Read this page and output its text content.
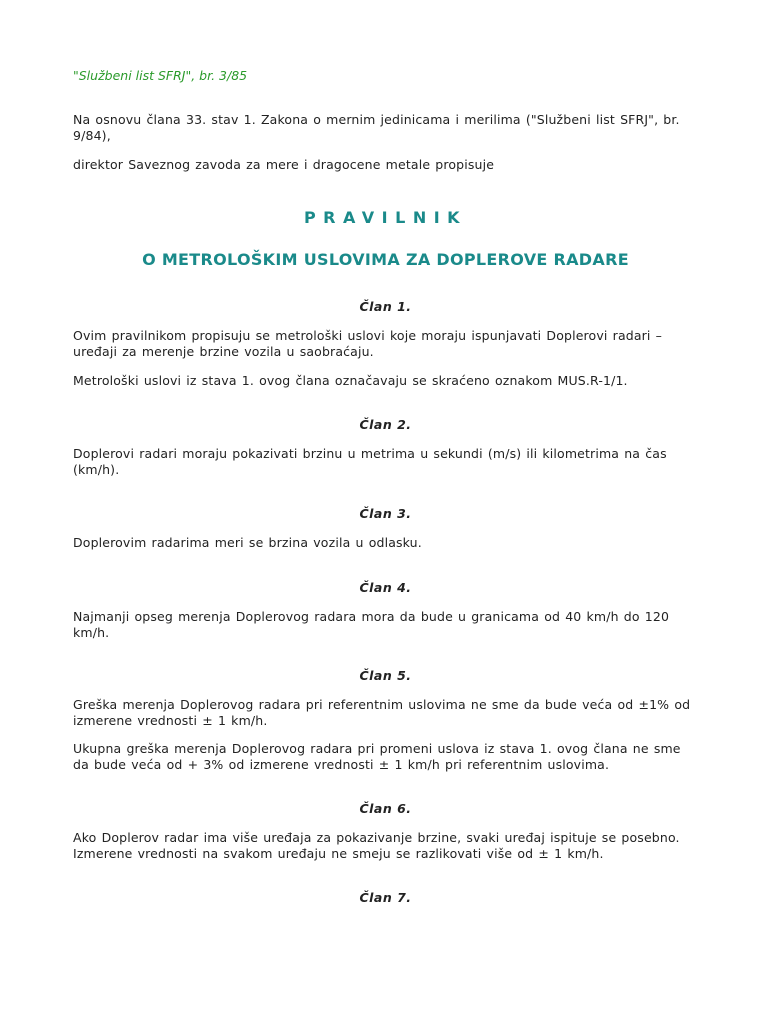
"Službeni list SFRJ", br. 3/85

Na osnovu člana 33. stav 1. Zakona o mernim jedinicama i merilima ("Službeni list SFRJ", br. 9/84),

direktor Saveznog zavoda za mere i dragocene metale propisuje

PRAVILNIK
O METROLOŠKIM USLOVIMA ZA DOPLEROVE RADARE
Član 1.

Ovim pravilnikom propisuju se metrološki uslovi koje moraju ispunjavati Doplerovi radari – uređaji za merenje brzine vozila u saobraćaju.

Metrološki uslovi iz stava 1. ovog člana označavaju se skraćeno oznakom MUS.R-1/1.

Član 2.

Doplerovi radari moraju pokazivati brzinu u metrima u sekundi (m/s) ili kilometrima na čas (km/h).

Član 3.

Doplerovim radarima meri se brzina vozila u odlasku.

Član 4.

Najmanji opseg merenja Doplerovog radara mora da bude u granicama od 40 km/h do 120 km/h.

Član 5.

Greška merenja Doplerovog radara pri referentnim uslovima ne sme da bude veća od ±1% od izmerene vrednosti ± 1 km/h.

Ukupna greška merenja Doplerovog radara pri promeni uslova iz stava 1. ovog člana ne sme da bude veća od + 3% od izmerene vrednosti ± 1 km/h pri referentnim uslovima.

Član 6.

Ako Doplerov radar ima više uređaja za pokazivanje brzine, svaki uređaj ispituje se posebno. Izmerene vrednosti na svakom uređaju ne smeju se razlikovati više od ± 1 km/h.

Član 7.
